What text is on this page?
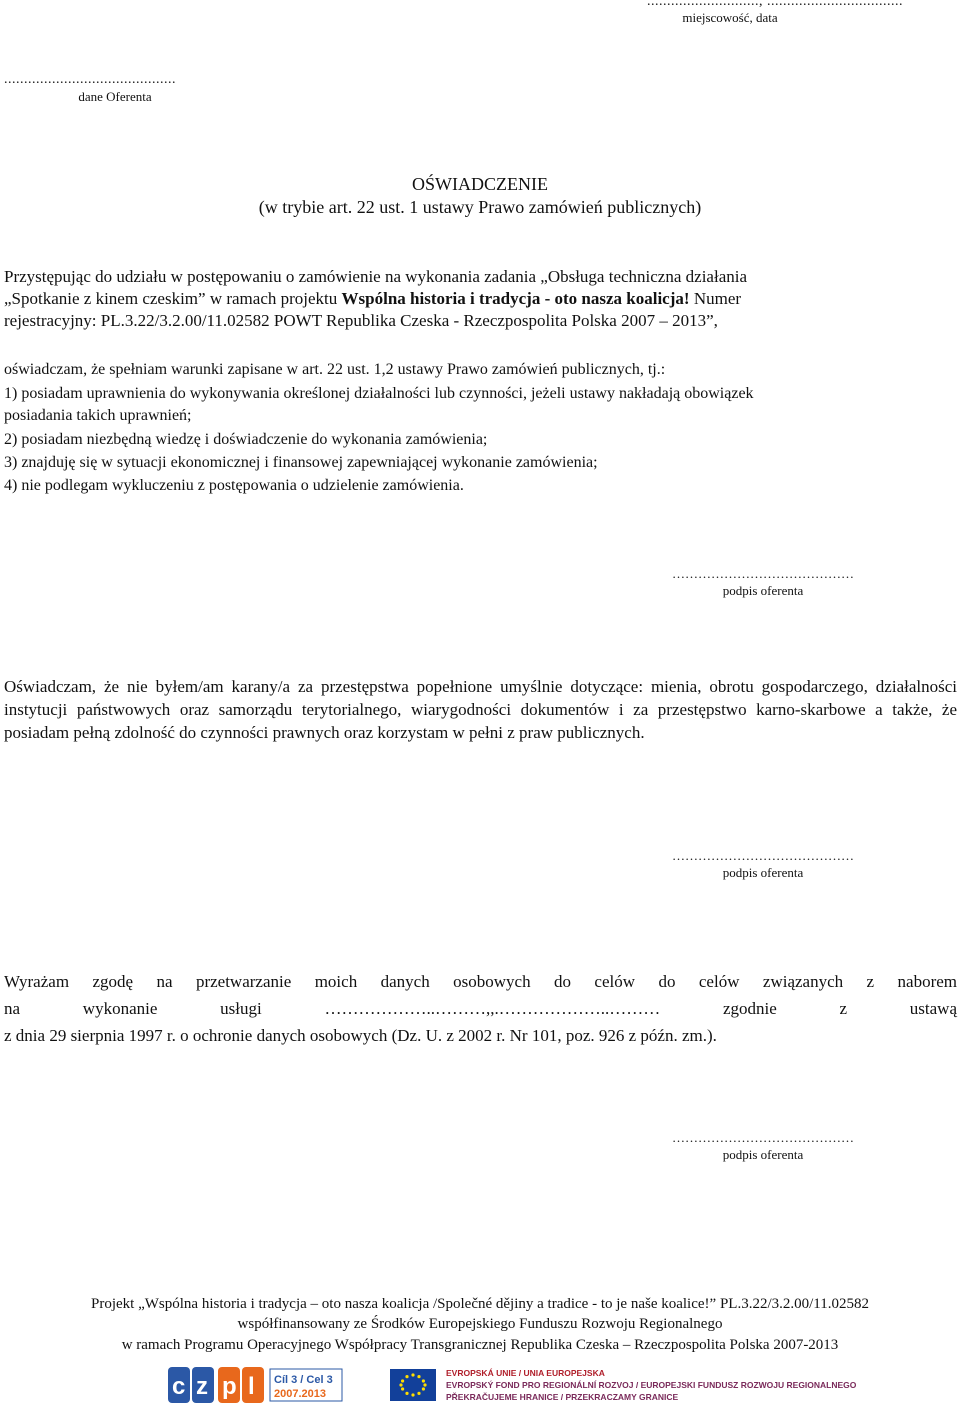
............................, ..................................
miejscowość, data
...........................................
dane Oferenta
OŚWIADCZENIE
(w trybie art. 22 ust. 1 ustawy Prawo zamówień publicznych)
Przystępując do udziału w postępowaniu o zamówienie na wykonania zadania „Obsługa techniczna działania
„Spotkanie z kinem czeskim” w ramach projektu Wspólna historia i tradycja - oto nasza koalicja! Numer
rejestracyjny: PL.3.22/3.2.00/11.02582 POWT Republika Czeska - Rzeczpospolita Polska 2007 – 2013”,
oświadczam, że spełniam warunki zapisane w art. 22 ust. 1,2 ustawy Prawo zamówień publicznych, tj.:
1) posiadam uprawnienia do wykonywania określonej działalności lub czynności, jeżeli ustawy nakładają obowiązek
posiadania takich uprawnień;
2) posiadam niezbędną wiedzę i doświadczenie do wykonania zamówienia;
3) znajduję się w sytuacji ekonomicznej i finansowej zapewniającej wykonanie zamówienia;
4) nie podlegam wykluczeniu z postępowania o udzielenie zamówienia.
……………………………………
podpis oferenta
Oświadczam, że nie byłem/am karany/a za przestępstwa popełnione umyślnie dotyczące: mienia, obrotu gospodarczego, działalności instytucji państwowych oraz samorządu terytorialnego, wiarygodności dokumentów i za przestępstwo karno-skarbowe a także, że posiadam pełną zdolność do czynności prawnych oraz korzystam w pełni z praw publicznych.
……………………………………
podpis oferenta
Wyrażam zgodę na przetwarzanie moich danych osobowych do celów do celów związanych z naborem
na wykonanie usługi ………………..………,,.………………..……… zgodnie z ustawą
z dnia 29 sierpnia 1997 r. o ochronie danych osobowych (Dz. U. z 2002 r. Nr 101, poz. 926 z późn. zm.).
……………………………………
podpis oferenta
Projekt „Wspólna historia i tradycja – oto nasza koalicja /Společné dějiny a tradice - to je naše koalice!” PL.3.22/3.2.00/11.02582
współfinansowany ze Środków Europejskiego Funduszu Rozwoju Regionalnego
w ramach Programu Operacyjnego Współpracy Transgranicznej Republika Czeska – Rzeczpospolita Polska 2007-2013
c z p l Cíl 3 / Cel 3
2007.2013
EVROPSKÁ UNIE / UNIA EUROPEJSKA
EVROPSKÝ FOND PRO REGIONÁLNÍ ROZVOJ / EUROPEJSKI FUNDUSZ ROZWOJU REGIONALNEGO
PŘEKRAČUJEME HRANICE / PRZEKRACZAMY GRANICE
